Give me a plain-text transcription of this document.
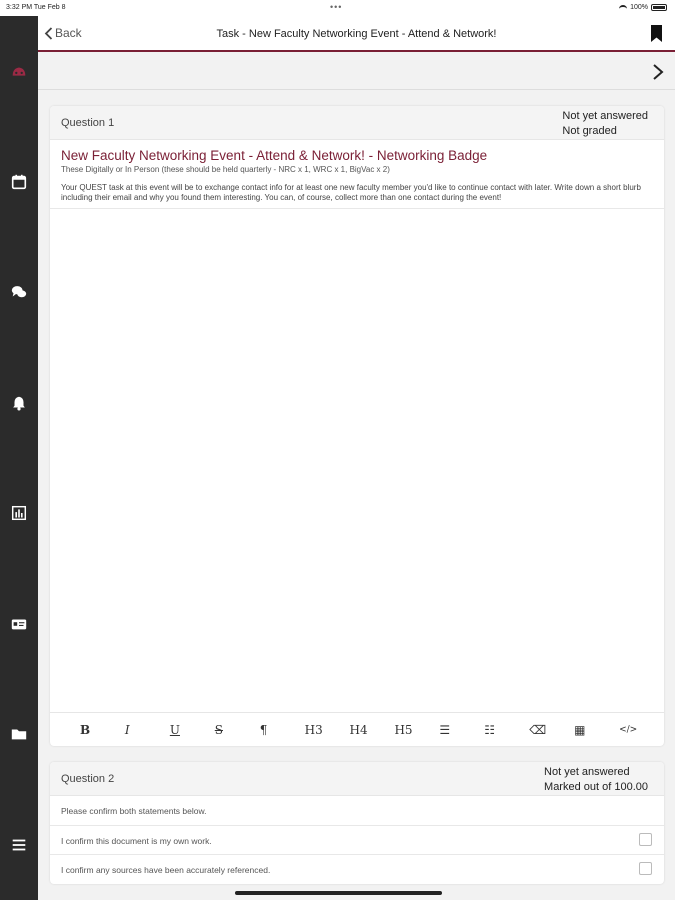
3:32 PM Tue Feb 8	•••	100%
Back	Task - New Faculty Networking Event - Attend & Network!
Question 1
Not yet answered
Not graded
New Faculty Networking Event - Attend & Network! - Networking Badge
These Digitally or In Person (these should be held quarterly - NRC x 1, WRC x 1, BigVac x 2)
Your QUEST task at this event will be to exchange contact info for at least one new faculty member you'd like to continue contact with later. Write down a short blurb including their email and why you found them interesting. You can, of course, collect more than one contact during the event!
B	I	U	S	¶	H3	H4	H5	☰	☷	⌫	▦	</>
Question 2
Not yet answered
Marked out of 100.00
Please confirm both statements below.
I confirm this document is my own work.
I confirm any sources have been accurately referenced.
